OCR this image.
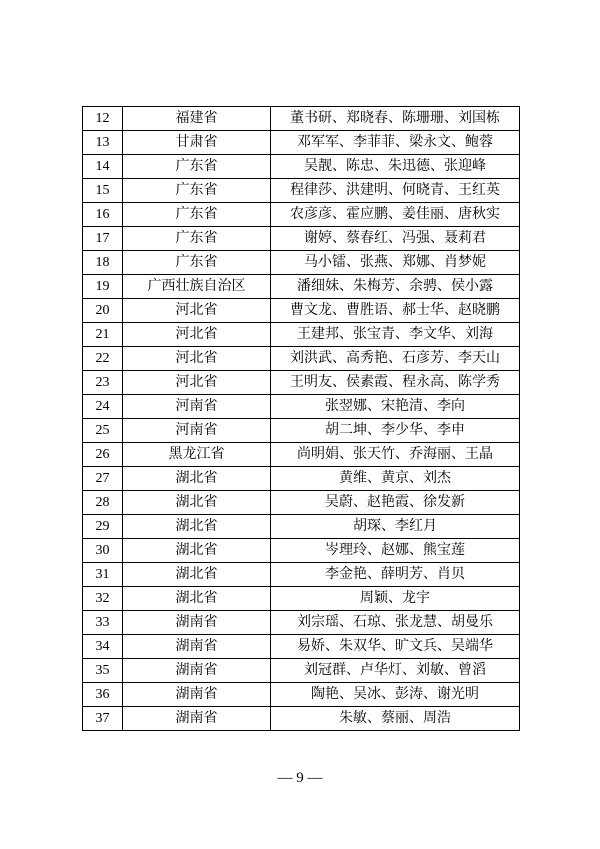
12	福建省	董书研、郑晓春、陈珊珊、刘国栋
13	甘肃省	邓军军、李菲菲、梁永文、鲍蓉
14	广东省	吴靓、陈忠、朱迅德、张迎峰
15	广东省	程律莎、洪建明、何晓青、王红英
16	广东省	农彦彦、霍应鹏、姜佳丽、唐秋实
17	广东省	谢婷、蔡春红、冯强、聂莉君
18	广东省	马小镭、张燕、郑娜、肖梦妮
19	广西壮族自治区	潘细妹、朱梅芳、余骋、侯小露
20	河北省	曹文龙、曹胜语、郝士华、赵晓鹏
21	河北省	王建邦、张宝青、李文华、刘海
22	河北省	刘洪武、高秀艳、石彦芳、李天山
23	河北省	王明友、侯素霞、程永高、陈学秀
24	河南省	张翌娜、宋艳清、李向
25	河南省	胡二坤、李少华、李申
26	黑龙江省	尚明娟、张天竹、乔海丽、王晶
27	湖北省	黄维、黄京、刘杰
28	湖北省	吴蔚、赵艳霞、徐发新
29	湖北省	胡琛、李红月
30	湖北省	岑理玲、赵娜、熊宝莲
31	湖北省	李金艳、薛明芳、肖贝
32	湖北省	周颖、龙宇
33	湖南省	刘宗瑶、石琼、张龙慧、胡曼乐
34	湖南省	易娇、朱双华、旷文兵、吴端华
35	湖南省	刘冠群、卢华灯、刘敏、曾滔
36	湖南省	陶艳、吴冰、彭涛、谢光明
37	湖南省	朱敏、蔡丽、周浩
— 9 —
